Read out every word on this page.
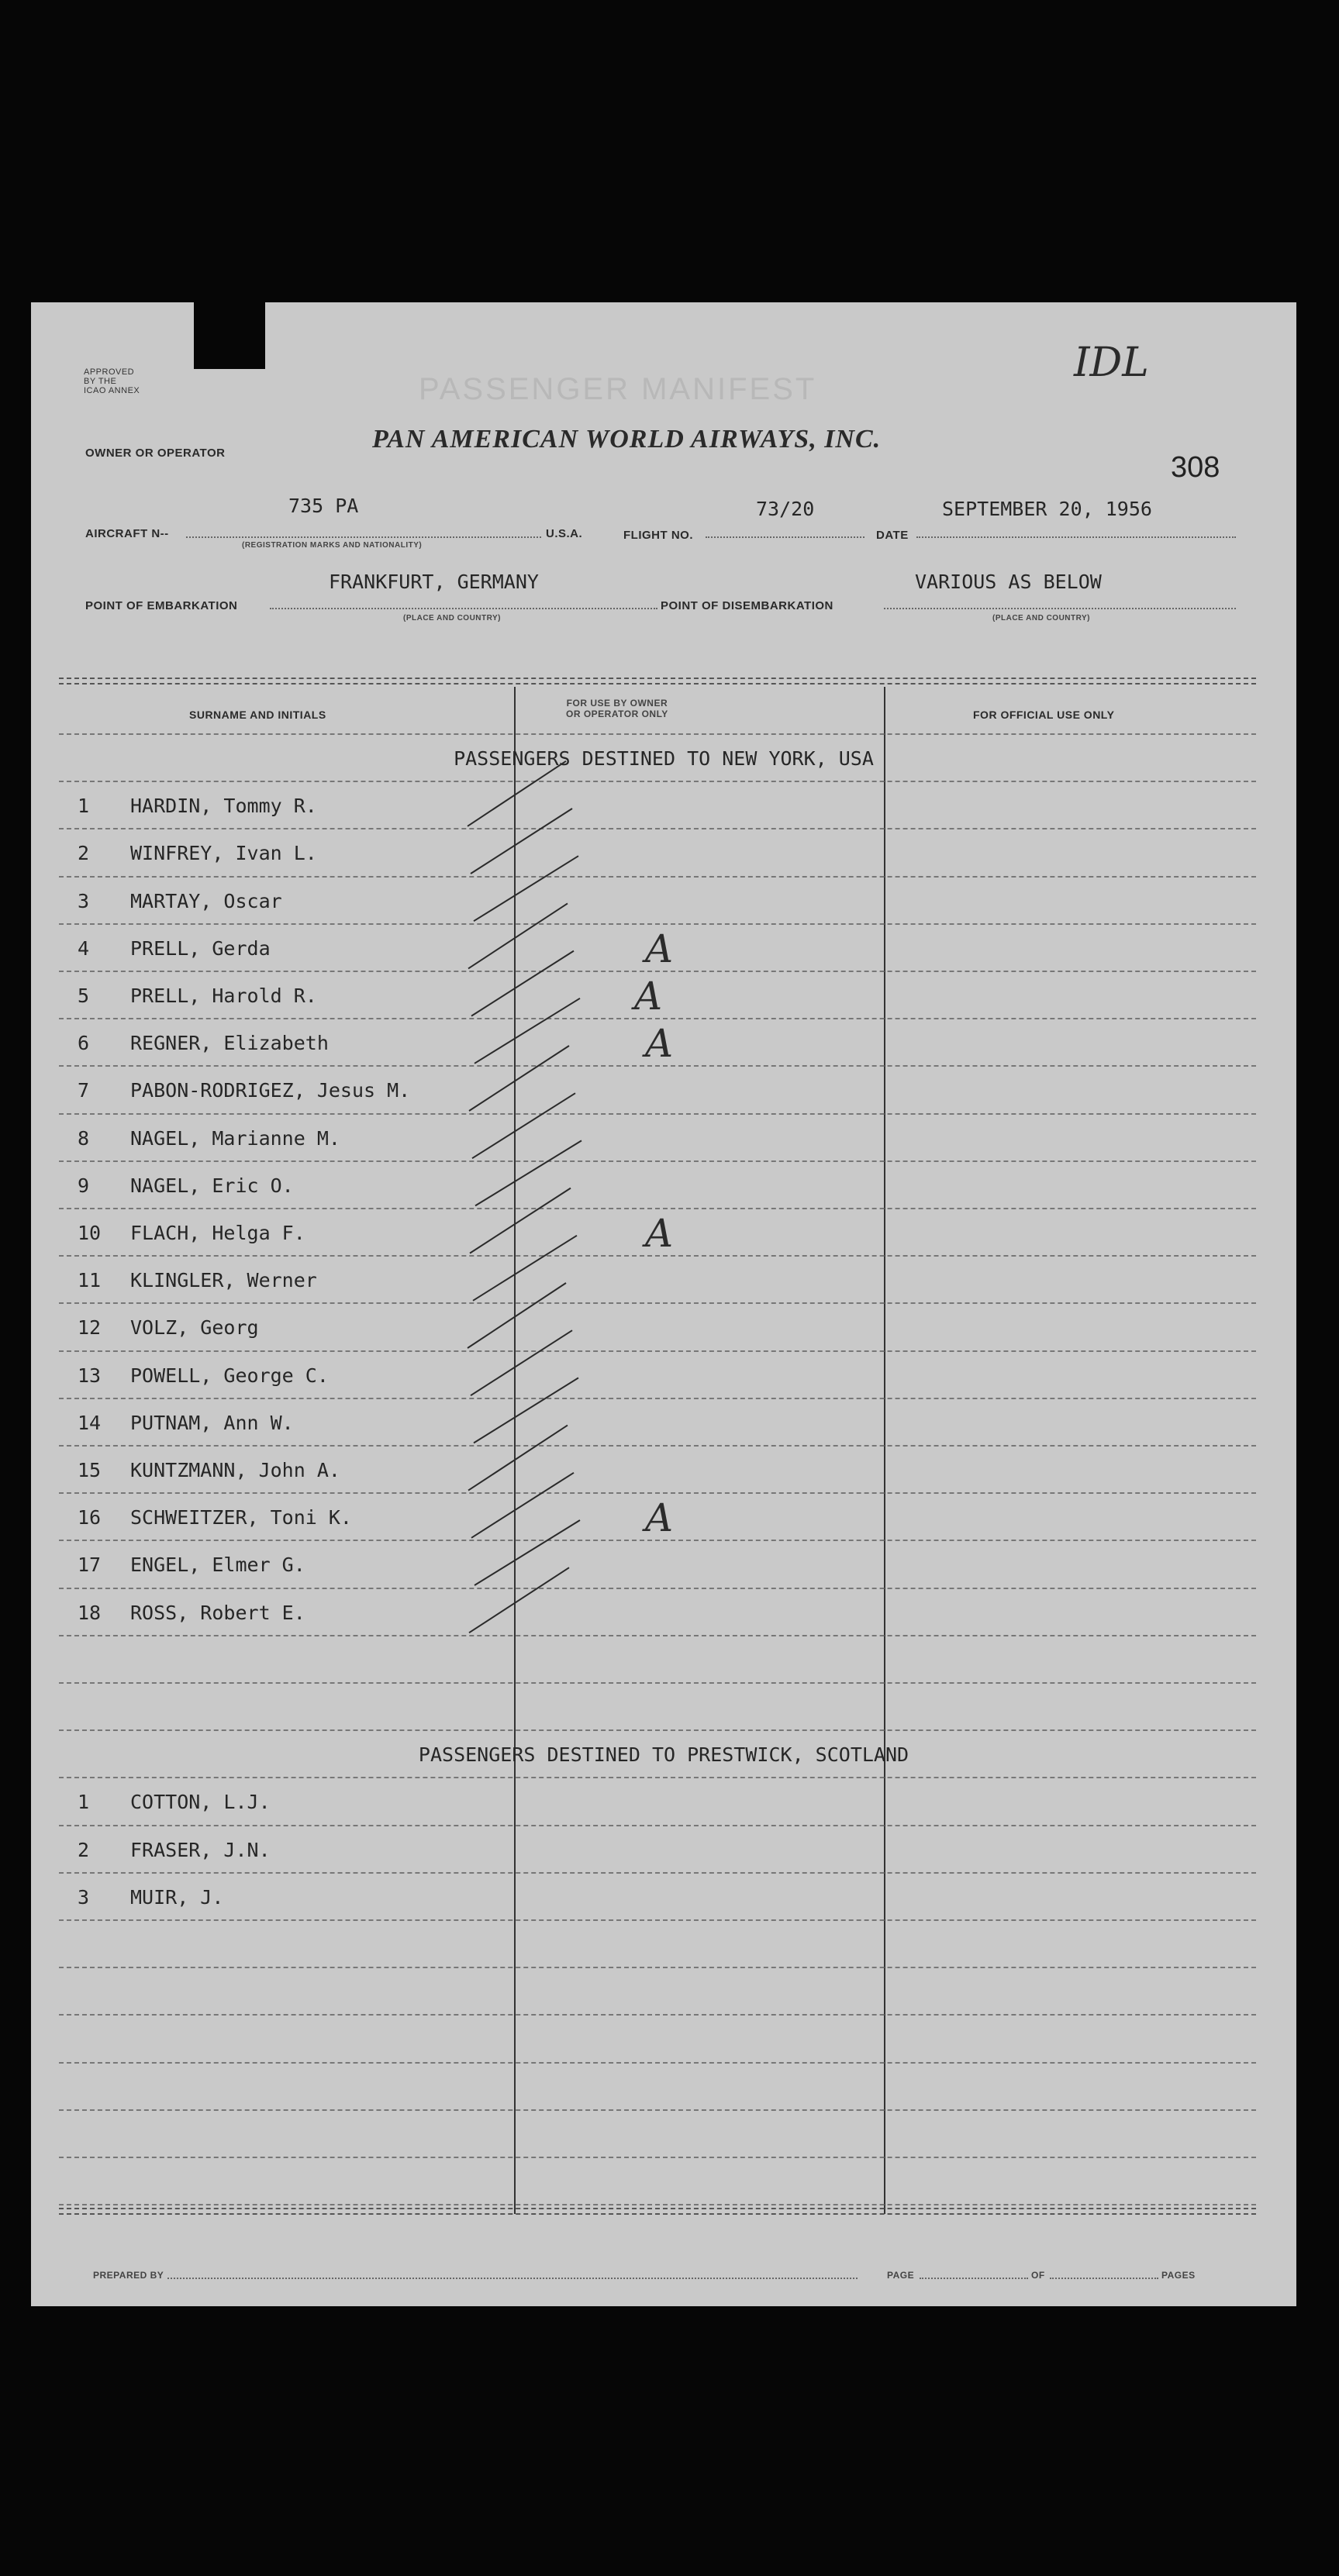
APPROVED
BY THE
ICAO ANNEX	PASSENGER MANIFEST
IDL
OWNER OR OPERATOR	PAN AMERICAN WORLD AIRWAYS, INC.
308
735 PA	73/20	SEPTEMBER 20, 1956
AIRCRAFT N--	U.S.A.	FLIGHT NO.	DATE
(REGISTRATION MARKS AND NATIONALITY)
FRANKFURT, GERMANY	VARIOUS AS BELOW
POINT OF EMBARKATION	POINT OF DISEMBARKATION
(PLACE AND COUNTRY)	(PLACE AND COUNTRY)
SURNAME AND INITIALS
FOR USE BY OWNER
OR OPERATOR ONLY	FOR OFFICIAL USE ONLY
PASSENGERS DESTINED TO NEW YORK, USA
1	HARDIN, Tommy R.
2	WINFREY, Ivan L.
3	MARTAY, Oscar
4	PRELL, Gerda	A
5	PRELL, Harold R.	A
6	REGNER, Elizabeth	A
7	PABON-RODRIGEZ, Jesus M.
8	NAGEL, Marianne M.
9	NAGEL, Eric O.
10	FLACH, Helga F.	A
11	KLINGLER, Werner
12	VOLZ, Georg
13	POWELL, George C.
14	PUTNAM, Ann W.
15	KUNTZMANN, John A.
16	SCHWEITZER, Toni K.	A
17	ENGEL, Elmer G.
18	ROSS, Robert E.
PASSENGERS DESTINED TO PRESTWICK, SCOTLAND
1	COTTON, L.J.
2	FRASER, J.N.
3	MUIR, J.
PREPARED BY	PAGE	OF	PAGES
